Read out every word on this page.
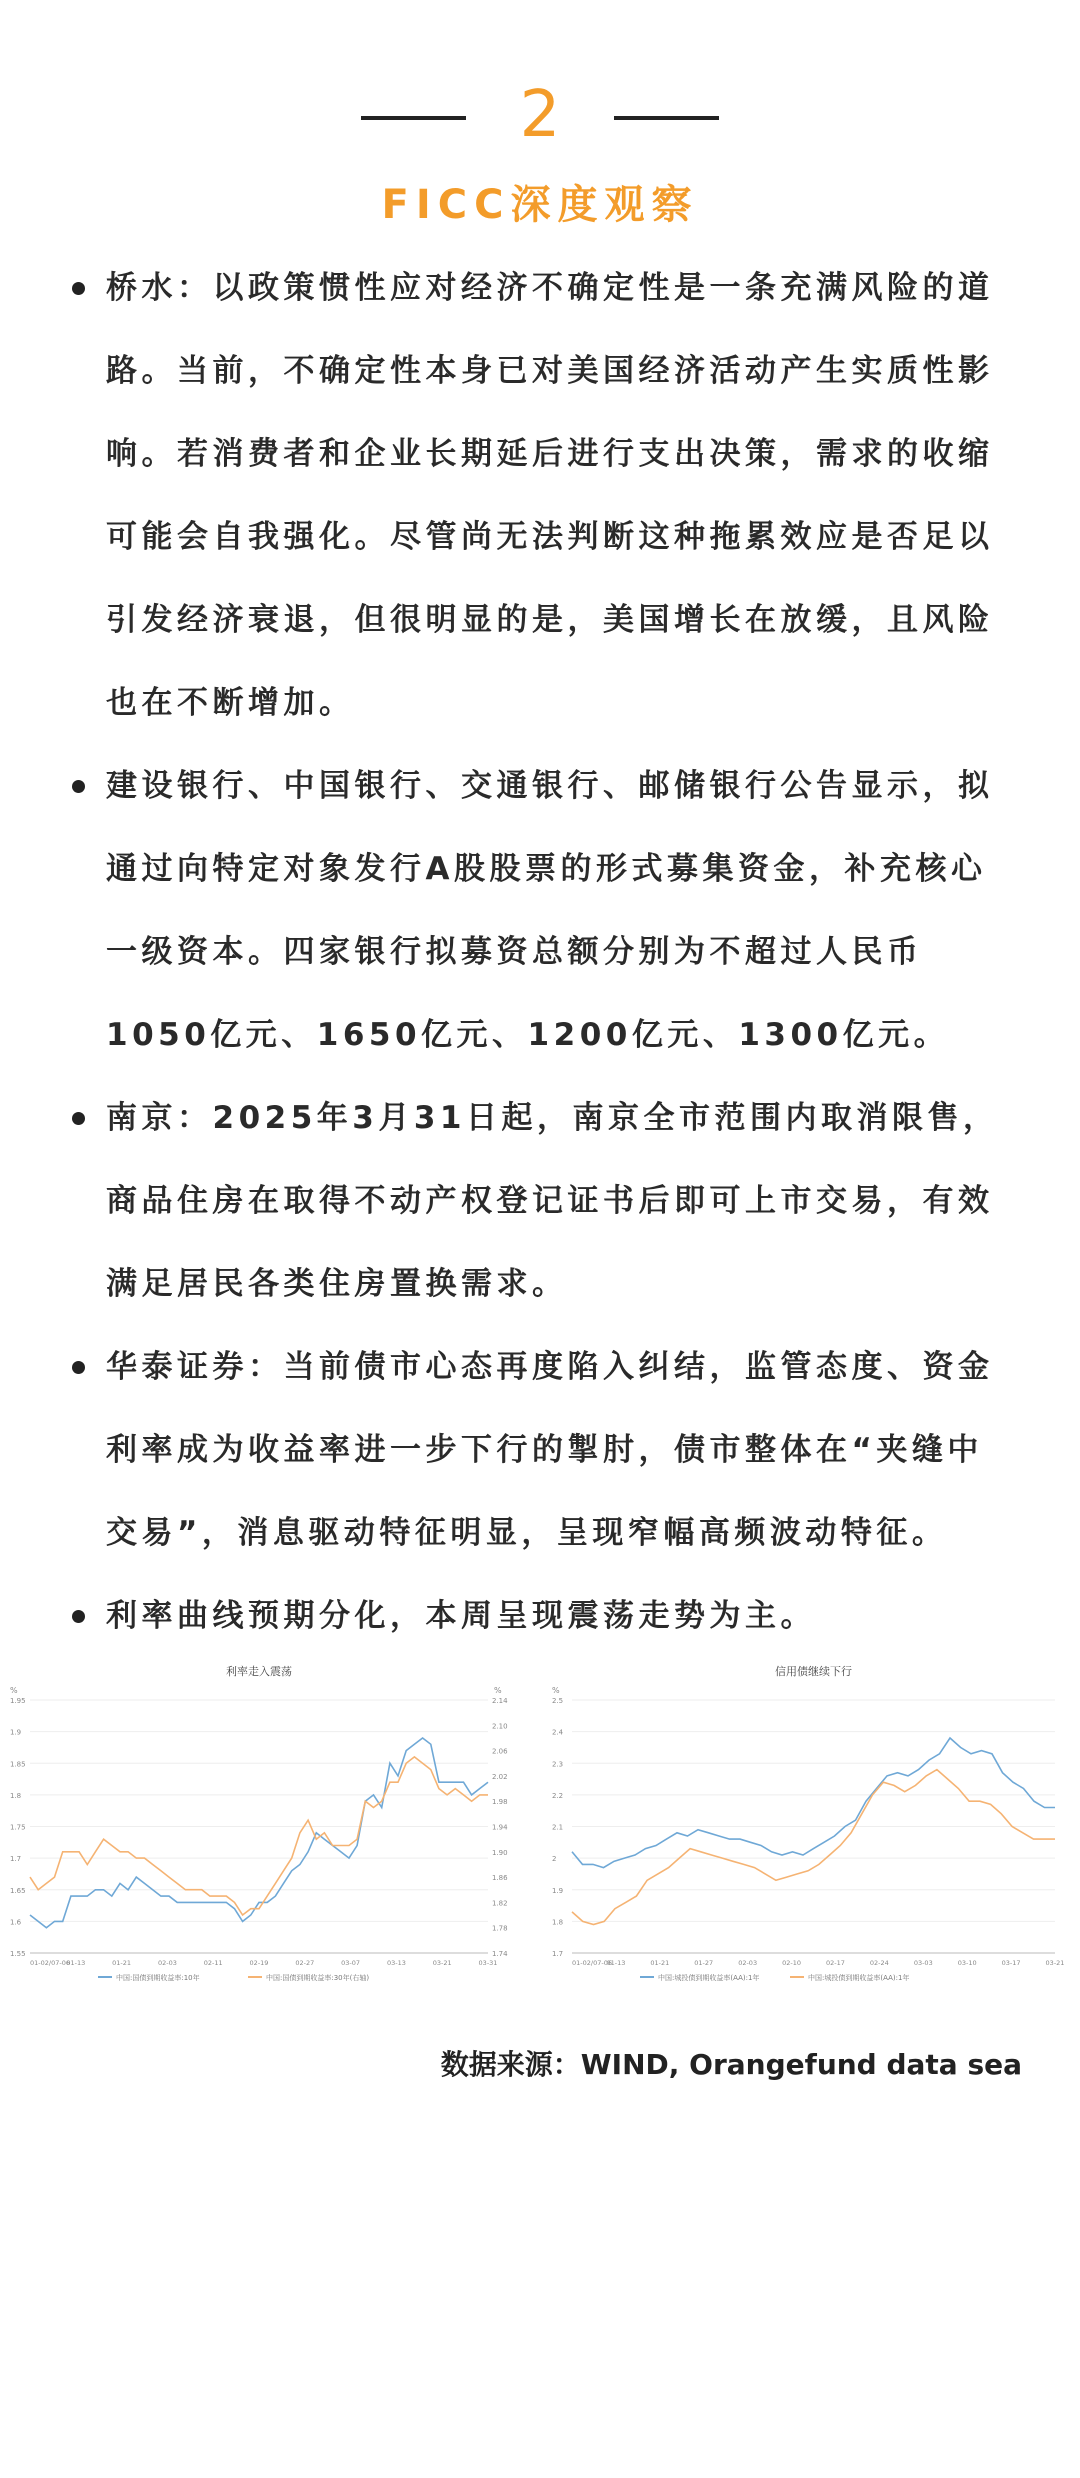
2
FICC深度观察
桥水：以政策惯性应对经济不确定性是一条充满风险的道
路。当前，不确定性本身已对美国经济活动产生实质性影
响。若消费者和企业长期延后进行支出决策，需求的收缩
可能会自我强化。尽管尚无法判断这种拖累效应是否足以
引发经济衰退，但很明显的是，美国增长在放缓，且风险
也在不断增加。
建设银行、中国银行、交通银行、邮储银行公告显示，拟
通过向特定对象发行A股股票的形式募集资金，补充核心
一级资本。四家银行拟募资总额分别为不超过人民币
1050亿元、1650亿元、1200亿元、1300亿元。
南京：2025年3月31日起，南京全市范围内取消限售，
商品住房在取得不动产权登记证书后即可上市交易，有效
满足居民各类住房置换需求。
华泰证券：当前债市心态再度陷入纠结，监管态度、资金
利率成为收益率进一步下行的掣肘，债市整体在“夹缝中
交易”，消息驱动特征明显，呈现窄幅高频波动特征。
利率曲线预期分化，本周呈现震荡走势为主。
利率走入震荡
%	%
1.95
1.9
1.85
1.8
1.75
1.7
1.65
1.6
1.55
2.14
2.10
2.06
2.02
1.98
1.94
1.90
1.86
1.82
1.78
1.74
01-02/07-06
01-13	01-21	02-03	02-11	02-19	02-27	03-07	03-13	03-21	03-31
中国:国债到期收益率:10年	中国:国债到期收益率:30年(右轴)
信用债继续下行
%
2.5
2.4
2.3
2.2
2.1
2
1.9
1.8
1.7
01-02/07-06
01-13	01-21	01-27	02-03	02-10	02-17	02-24	03-03	03-10	03-17	03-21
中国:城投债到期收益率(AA):1年	中国:城投债到期收益率(AA):1年
数据来源：WIND, Orangefund data sea
